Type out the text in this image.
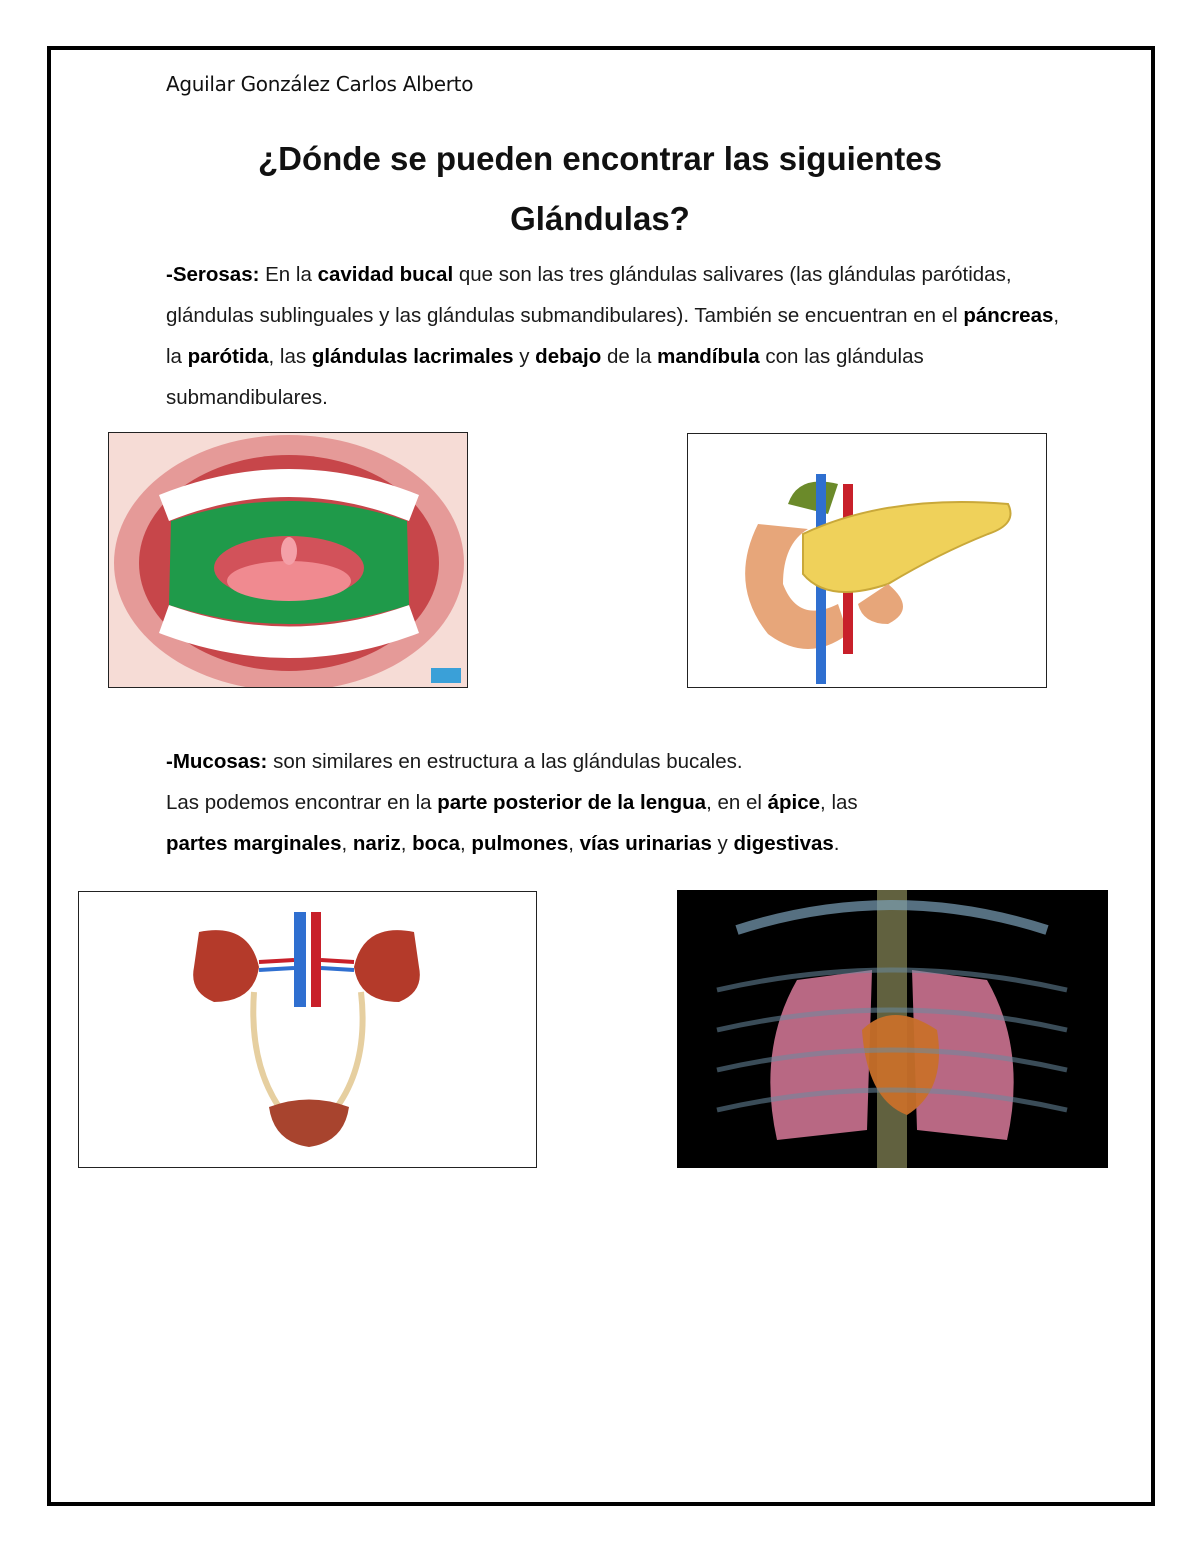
Aguilar González Carlos Alberto
¿Dónde se pueden encontrar las siguientes
Glándulas?
-Serosas: En la cavidad bucal que son las tres glándulas salivares (las glándulas parótidas, glándulas sublinguales y las glándulas submandibulares). También se encuentran en el páncreas, la parótida, las glándulas lacrimales y debajo de la mandíbula con las glándulas submandibulares.
-Mucosas: son similares en estructura a las glándulas bucales.
Las podemos encontrar en la parte posterior de la lengua, en el ápice, las
partes marginales, nariz, boca, pulmones, vías urinarias y digestivas.
